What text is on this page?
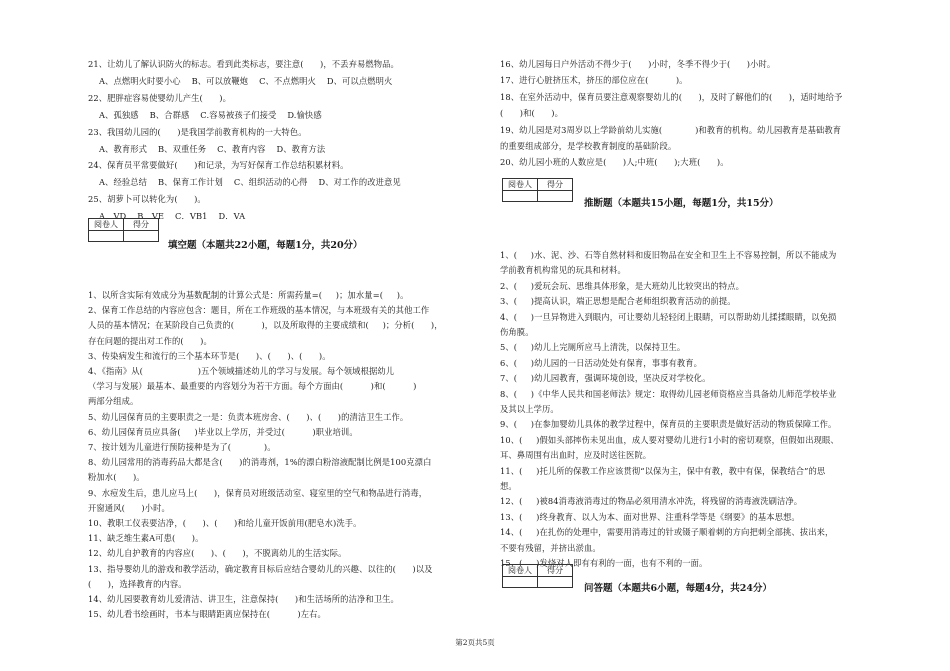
21、让幼儿了解认识防火的标志。看到此类标志，要注意(      )，不丢弃易燃物品。
A、点燃明火时要小心    B、可以放鞭炮    C、不点燃明火    D、可以点燃明火
22、肥胖症容易使婴幼儿产生(      )。
A、孤独感    B、合群感    C.容易被孩子们接受    D.愉快感
23、我国幼儿园的(      )是我国学前教育机构的一大特色。
A、教育形式    B、双重任务    C、教育内容    D、教育方法
24、保育员平常要做好(      )和记录，为写好保育工作总结积累材料。
A、经验总结    B、保育工作计划    C、组织活动的心得    D、对工作的改进意见
25、胡萝卜可以转化为(      )。
A．VD    B．VE    C．VB1    D．VA
阅卷人	得分
填空题（本题共22小题，每题1分，共20分）
1、以所含实际有效成分为基数配制的计算公式是：所需药量=(     )；加水量=(     )。
2、保育工作总结的内容应包含：题目，所在工作班级的基本情况，与本班级有关的其他工作
人员的基本情况；在某阶段自己负责的(          )，以及所取得的主要成绩和(     )；分析(      )，
存在问题的提出对工作的(      )。
3、传染病发生和流行的三个基本环节是(      )、(      )、(      )。
4、《指南》从(                    )五个领域描述幼儿的学习与发展。每个领域根据幼儿
（学习与发展）最基本、最重要的内容划分为若干方面。每个方面由(          )和(          )
两部分组成。
5、幼儿园保育员的主要职责之一是：负责本班房舍、(      )、(      )的清洁卫生工作。
6、幼儿园保育员应具备(     )毕业以上学历，并受过(          )职业培训。
7、按计划为儿童进行预防接种是为了(            )。
8、幼儿园常用的消毒药品大都是含(      )的消毒剂，1%的漂白粉溶液配制比例是100克漂白
粉加水(      )。
9、水痘发生后，患儿应马上(      )，保育员对班级活动室、寝室里的空气和物品进行消毒，
开窗通风(      )小时。
10、教职工仪表要洁净，(      )、(      )和给儿童开饭前用(肥皂水)洗手。
11、缺乏维生素A可患(      )。
12、幼儿自护教育的内容应(      )、(      )，不脱离幼儿的生活实际。
13、指导婴幼儿的游戏和教学活动，确定教育目标后应结合婴幼儿的兴趣、以往的(      )以及
(      )，选择教育的内容。
14、幼儿园要教育幼儿爱清洁、讲卫生，注意保持(      )和生活场所的洁净和卫生。
15、幼儿看书绘画时，书本与眼睛距离应保持在(          )左右。
16、幼儿园每日户外活动不得少于(      )小时，冬季不得少于(      )小时。
17、进行心脏挤压术，挤压的部位应在(          )。
18、在室外活动中，保育员要注意观察婴幼儿的(      )，及时了解他们的(      )，适时地给予
(      )和(      )。
19、幼儿园是对3周岁以上学龄前幼儿实施(            )和教育的机构。幼儿园教育是基础教育
的重要组成部分，是学校教育制度的基础阶段。
20、幼儿园小班的人数应是(      )人;中班(      );大班(      )。
阅卷人	得分
推断题（本题共15小题，每题1分，共15分）
1、(     )水、泥、沙、石等自然材料和废旧物品在安全和卫生上不容易控制，所以不能成为
学前教育机构常见的玩具和材料。
2、(     )爱玩会玩、思维具体形象，是大班幼儿比较突出的特点。
3、(     )提高认识，端正思想是配合老师组织教育活动的前提。
4、(     )一旦异物进入到眼内，可让婴幼儿轻轻闭上眼睛，可以帮助幼儿揉揉眼睛，以免损
伤角膜。
5、(     )幼儿上完厕所应马上清洗，以保持卫生。
6、(     )幼儿园的一日活动处处有保育，事事有教育。
7、(     )幼儿园教育，强调环境创设，坚决反对学校化。
8、(     )《中华人民共和国老师法》规定：取得幼儿园老师资格应当具备幼儿师范学校毕业
及其以上学历。
9、(     )在参加婴幼儿具体的教学过程中，保育员的主要职责是做好活动的物质保障工作。
10、(     )假如头部摔伤未见出血，成人要对婴幼儿进行1小时的密切观察，但假如出现眼、
耳、鼻周围有出血时，应及时送往医院。
11、(     )托儿所的保教工作应该贯彻“以保为主，保中有教，教中有保，保教结合”的思
想。
12、(     )被84消毒液消毒过的物品必须用清水冲洗，将残留的消毒液洗刷洁净。
13、(     )终身教育、以人为本、面对世界、注重科学等是《纲要》的基本思想。
14、(     )在扎伤的处理中，需要用消毒过的针或镊子顺着刺的方向把刺全部挑、拔出来，
不要有残留，并挤出淤血。
15、(     )发烧对人即有有利的一面，也有不利的一面。
阅卷人	得分
问答题（本题共6小题，每题4分，共24分）
第2页共5页
